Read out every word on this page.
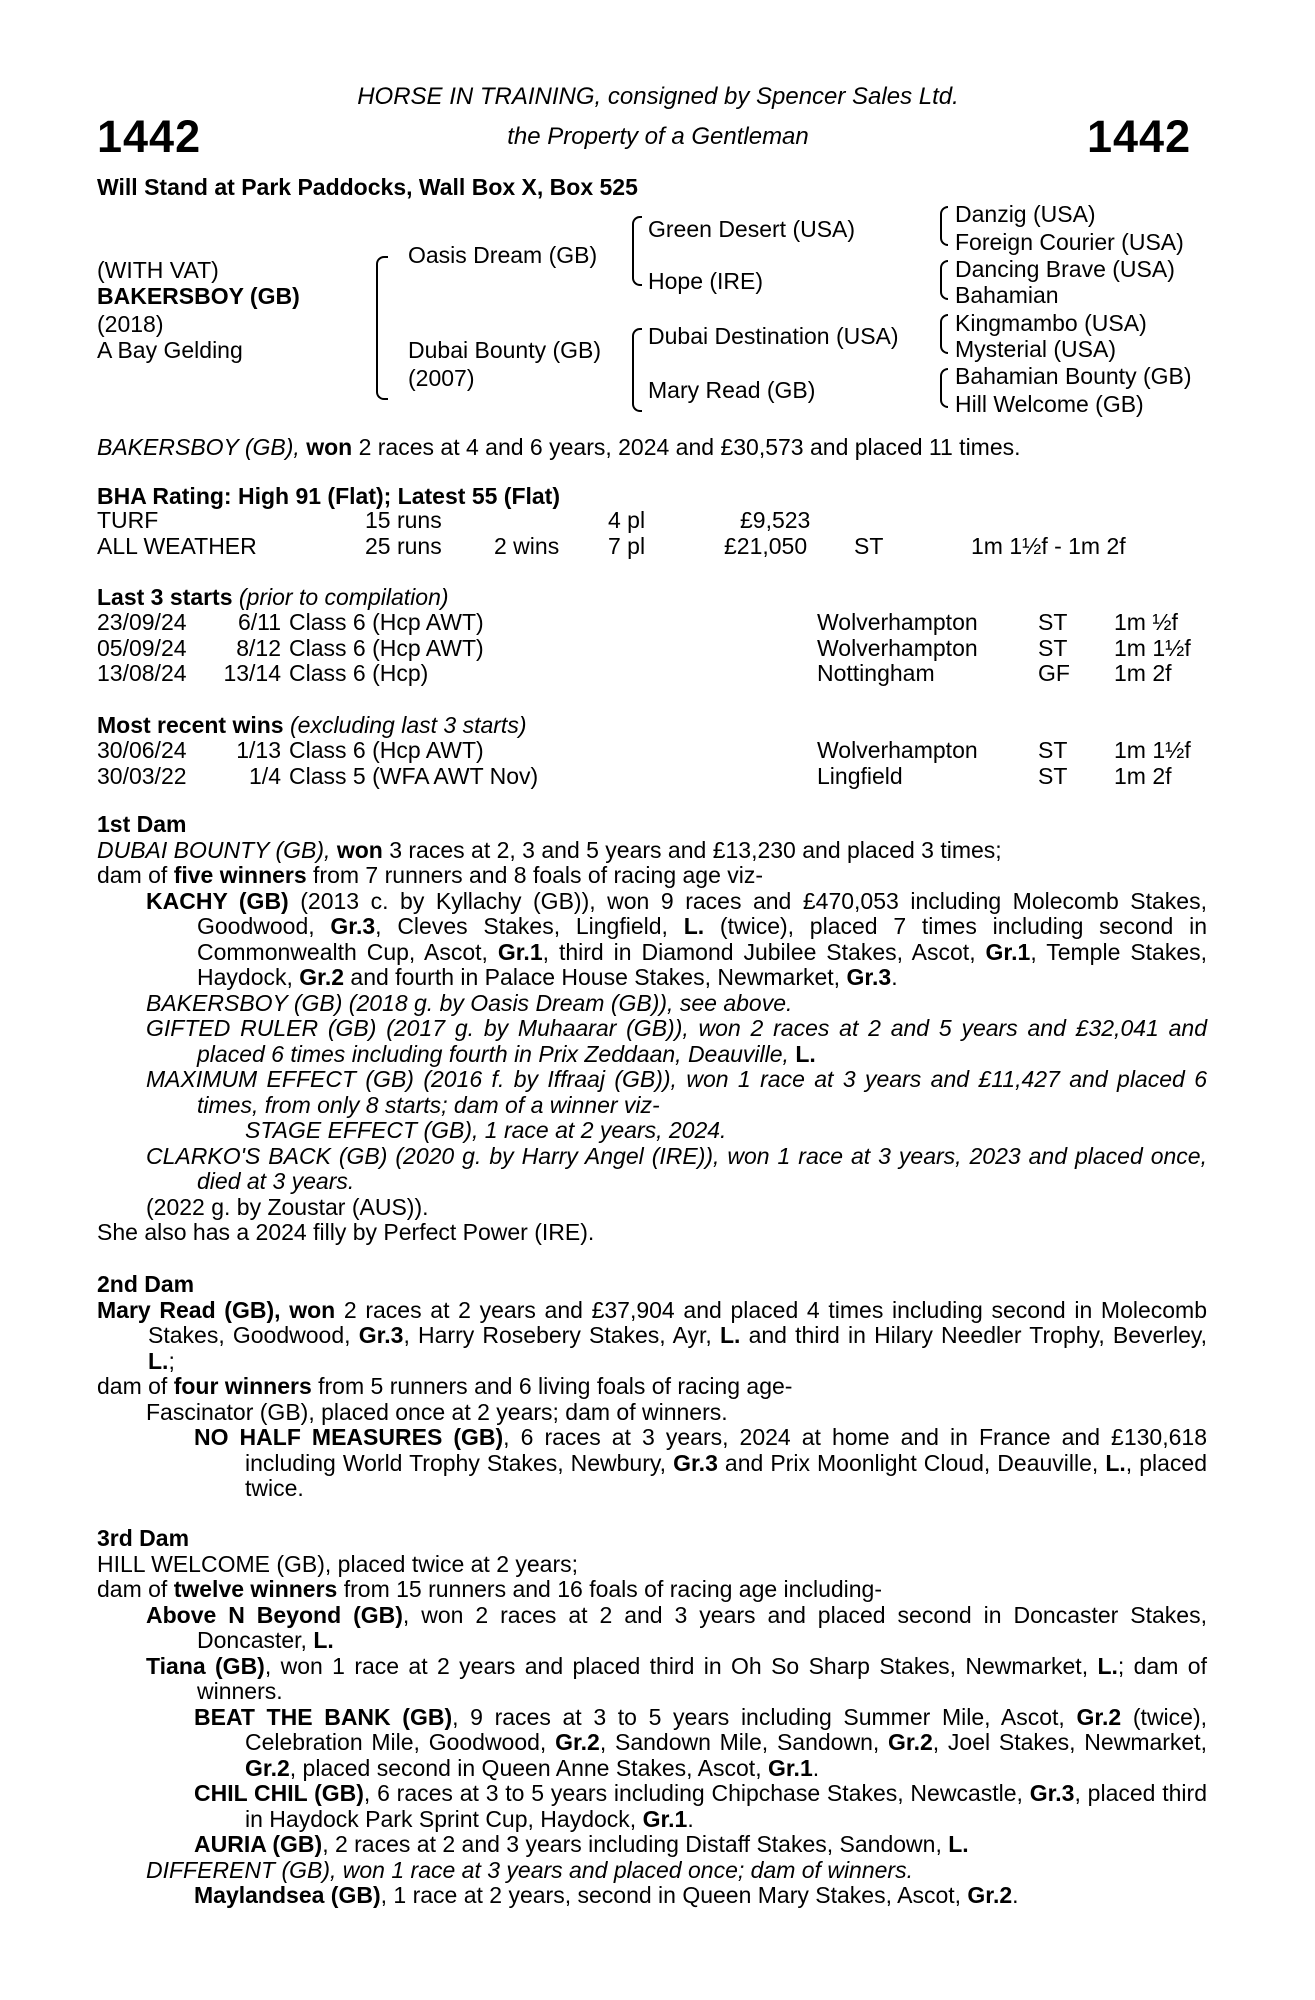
1442	1442
HORSE IN TRAINING, consigned by Spencer Sales Ltd.
the Property of a Gentleman
Will Stand at Park Paddocks, Wall Box X, Box 525
(WITH VAT)
BAKERSBOY (GB)
(2018)
A Bay Gelding
Oasis Dream (GB)
Dubai Bounty (GB)
(2007)
Green Desert (USA)
Hope (IRE)
Dubai Destination (USA)
Mary Read (GB)
Danzig (USA)
Foreign Courier (USA)
Dancing Brave (USA)
Bahamian
Kingmambo (USA)
Mysterial (USA)
Bahamian Bounty (GB)
Hill Welcome (GB)
BAKERSBOY (GB), won 2 races at 4 and 6 years, 2024 and £30,573 and placed 11 times.
BHA Rating: High 91 (Flat); Latest 55 (Flat)
TURF	15 runs	4 pl	£9,523
ALL WEATHER	25 runs 2 wins 7 pl	£21,050 ST	1m 1½f - 1m 2f
Last 3 starts (prior to compilation)
23/09/24	6/11 Class 6 (Hcp AWT)	Wolverhampton	ST 1m ½f
05/09/24	8/12 Class 6 (Hcp AWT)	Wolverhampton	ST 1m 1½f
13/08/24 13/14 Class 6 (Hcp)	Nottingham	GF 1m 2f
Most recent wins (excluding last 3 starts)
30/06/24	1/13 Class 6 (Hcp AWT)	Wolverhampton	ST 1m 1½f
30/03/22	1/4 Class 5 (WFA AWT Nov)	Lingfield	ST 1m 2f

1st Dam

DUBAI BOUNTY (GB), won 3 races at 2, 3 and 5 years and £13,230 and placed 3 times;

dam of five winners from 7 runners and 8 foals of racing age viz-

KACHY (GB) (2013 c. by Kyllachy (GB)), won 9 races and £470,053 including Molecomb Stakes, Goodwood, Gr.3, Cleves Stakes, Lingfield, L. (twice), placed 7 times including second in Commonwealth Cup, Ascot, Gr.1, third in Diamond Jubilee Stakes, Ascot, Gr.1, Temple Stakes, Haydock, Gr.2 and fourth in Palace House Stakes, Newmarket, Gr.3.

BAKERSBOY (GB) (2018 g. by Oasis Dream (GB)), see above.

GIFTED RULER (GB) (2017 g. by Muhaarar (GB)), won 2 races at 2 and 5 years and £32,041 and placed 6 times including fourth in Prix Zeddaan, Deauville, L.

MAXIMUM EFFECT (GB) (2016 f. by Iffraaj (GB)), won 1 race at 3 years and £11,427 and placed 6 times, from only 8 starts; dam of a winner viz-

STAGE EFFECT (GB), 1 race at 2 years, 2024.

CLARKO'S BACK (GB) (2020 g. by Harry Angel (IRE)), won 1 race at 3 years, 2023 and placed once, died at 3 years.

(2022 g. by Zoustar (AUS)).

She also has a 2024 filly by Perfect Power (IRE).

2nd Dam

Mary Read (GB), won 2 races at 2 years and £37,904 and placed 4 times including second in Molecomb Stakes, Goodwood, Gr.3, Harry Rosebery Stakes, Ayr, L. and third in Hilary Needler Trophy, Beverley, L.;

dam of four winners from 5 runners and 6 living foals of racing age-

Fascinator (GB), placed once at 2 years; dam of winners.

NO HALF MEASURES (GB), 6 races at 3 years, 2024 at home and in France and £130,618 including World Trophy Stakes, Newbury, Gr.3 and Prix Moonlight Cloud, Deauville, L., placed twice.

3rd Dam

HILL WELCOME (GB), placed twice at 2 years;

dam of twelve winners from 15 runners and 16 foals of racing age including-

Above N Beyond (GB), won 2 races at 2 and 3 years and placed second in Doncaster Stakes, Doncaster, L.

Tiana (GB), won 1 race at 2 years and placed third in Oh So Sharp Stakes, Newmarket, L.; dam of winners.

BEAT THE BANK (GB), 9 races at 3 to 5 years including Summer Mile, Ascot, Gr.2 (twice), Celebration Mile, Goodwood, Gr.2, Sandown Mile, Sandown, Gr.2, Joel Stakes, Newmarket, Gr.2, placed second in Queen Anne Stakes, Ascot, Gr.1.

CHIL CHIL (GB), 6 races at 3 to 5 years including Chipchase Stakes, Newcastle, Gr.3, placed third in Haydock Park Sprint Cup, Haydock, Gr.1.

AURIA (GB), 2 races at 2 and 3 years including Distaff Stakes, Sandown, L.

DIFFERENT (GB), won 1 race at 3 years and placed once; dam of winners.

Maylandsea (GB), 1 race at 2 years, second in Queen Mary Stakes, Ascot, Gr.2.
